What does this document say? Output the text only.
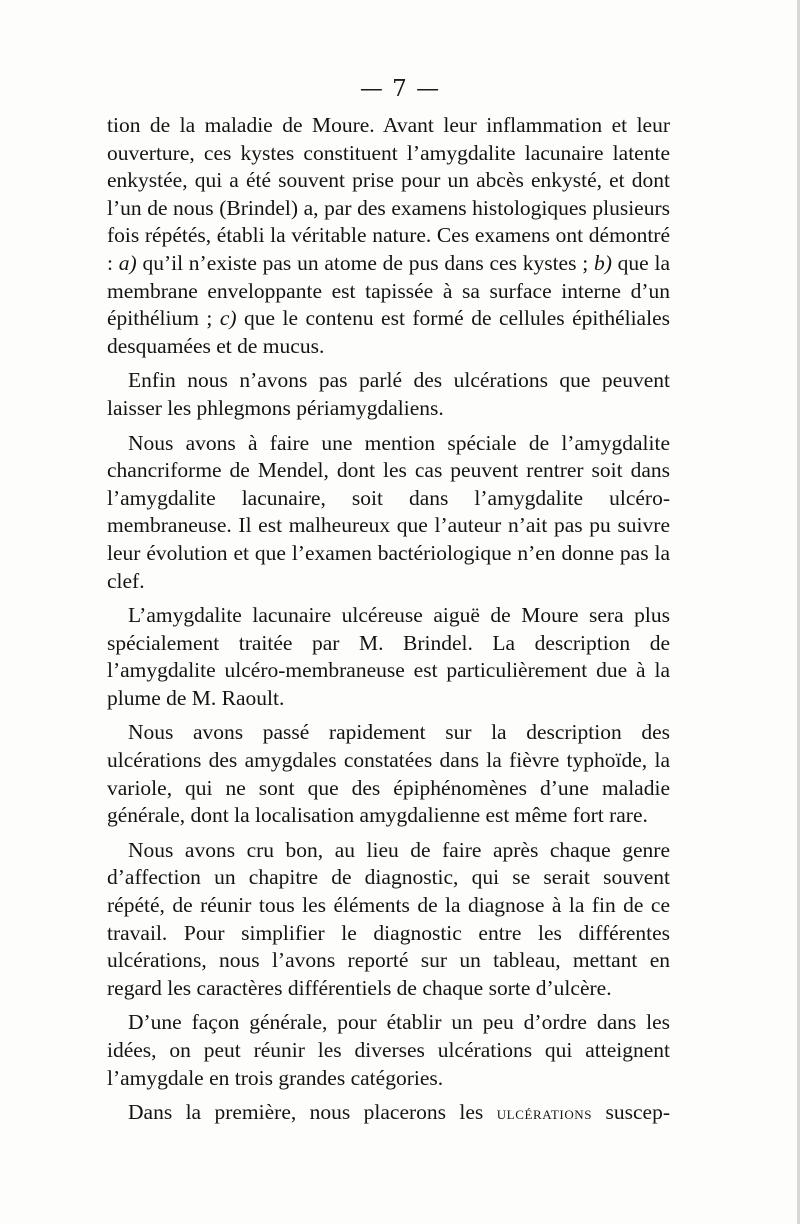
— 7 —

tion de la maladie de Moure. Avant leur inflammation et leur ouverture, ces kystes constituent l’amygdalite lacunaire latente enkystée, qui a été souvent prise pour un abcès enkysté, et dont l’un de nous (Brindel) a, par des examens histologiques plusieurs fois répétés, établi la véritable nature. Ces examens ont démontré : a) qu’il n’existe pas un atome de pus dans ces kystes ; b) que la membrane enveloppante est tapissée à sa surface interne d’un épithélium ; c) que le contenu est formé de cellules épithéliales desquamées et de mucus.

Enfin nous n’avons pas parlé des ulcérations que peuvent laisser les phlegmons périamygdaliens.

Nous avons à faire une mention spéciale de l’amygdalite chancriforme de Mendel, dont les cas peuvent rentrer soit dans l’amygdalite lacunaire, soit dans l’amygdalite ulcéro-membraneuse. Il est malheureux que l’auteur n’ait pas pu suivre leur évolution et que l’examen bactériologique n’en donne pas la clef.

L’amygdalite lacunaire ulcéreuse aiguë de Moure sera plus spécialement traitée par M. Brindel. La description de l’amygdalite ulcéro-membraneuse est particulièrement due à la plume de M. Raoult.

Nous avons passé rapidement sur la description des ulcérations des amygdales constatées dans la fièvre typhoïde, la variole, qui ne sont que des épiphénomènes d’une maladie générale, dont la localisation amygdalienne est même fort rare.

Nous avons cru bon, au lieu de faire après chaque genre d’affection un chapitre de diagnostic, qui se serait souvent répété, de réunir tous les éléments de la diagnose à la fin de ce travail. Pour simplifier le diagnostic entre les différentes ulcérations, nous l’avons reporté sur un tableau, mettant en regard les caractères différentiels de chaque sorte d’ulcère.

D’une façon générale, pour établir un peu d’ordre dans les idées, on peut réunir les diverses ulcérations qui atteignent l’amygdale en trois grandes catégories.

Dans la première, nous placerons les ulcérations suscep-
